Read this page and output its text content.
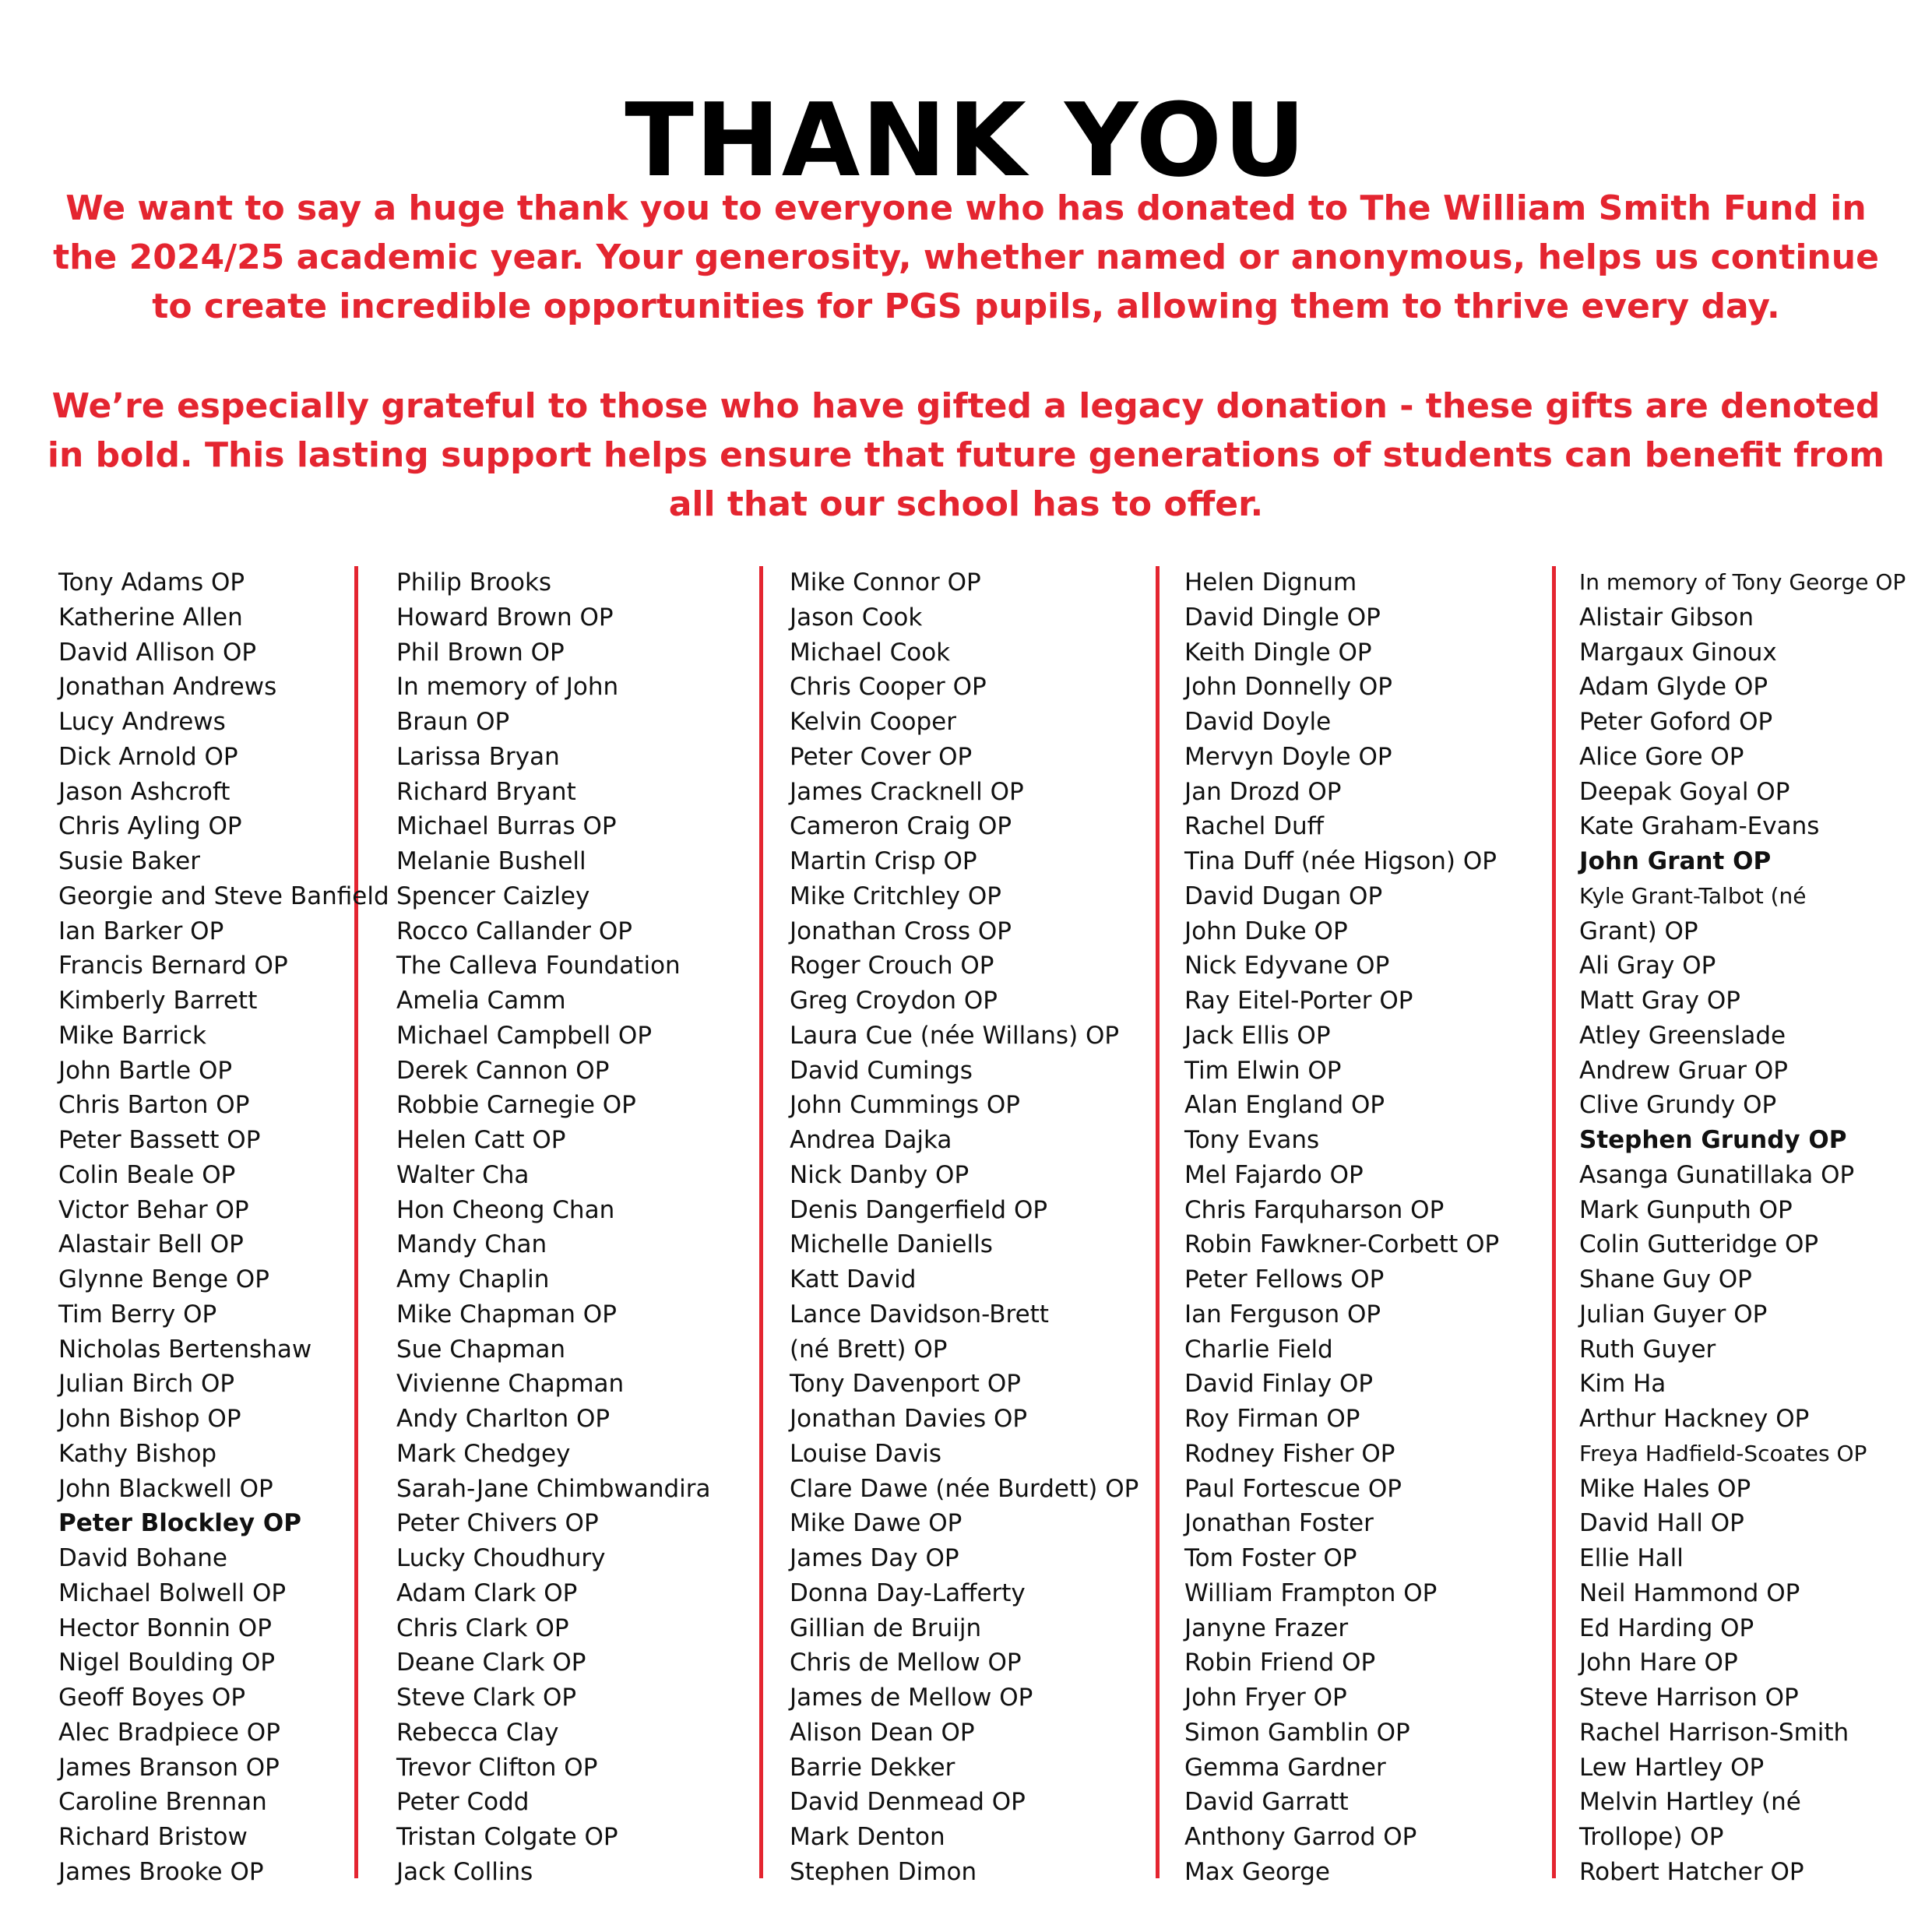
THANK YOU

We want to say a huge thank you to everyone who has donated to The William Smith Fund in the 2024/25 academic year. Your generosity, whether named or anonymous, helps us continue to create incredible opportunities for PGS pupils, allowing them to thrive every day.

We’re especially grateful to those who have gifted a legacy donation - these gifts are denoted in bold. This lasting support helps ensure that future generations of students can benefit from all that our school has to offer.

Tony Adams OP
Katherine Allen
David Allison OP
Jonathan Andrews
Lucy Andrews
Dick Arnold OP
Jason Ashcroft
Chris Ayling OP
Susie Baker
Georgie and Steve Banfield
Ian Barker OP
Francis Bernard OP
Kimberly Barrett
Mike Barrick
John Bartle OP
Chris Barton OP
Peter Bassett OP
Colin Beale OP
Victor Behar OP
Alastair Bell OP
Glynne Benge OP
Tim Berry OP
Nicholas Bertenshaw
Julian Birch OP
John Bishop OP
Kathy Bishop
John Blackwell OP
Peter Blockley OP
David Bohane
Michael Bolwell OP
Hector Bonnin OP
Nigel Boulding OP
Geoff Boyes OP
Alec Bradpiece OP
James Branson OP
Caroline Brennan
Richard Bristow
James Brooke OP
Philip Brooks
Howard Brown OP
Phil Brown OP
In memory of John
Braun OP
Larissa Bryan
Richard Bryant
Michael Burras OP
Melanie Bushell
Spencer Caizley
Rocco Callander OP
The Calleva Foundation
Amelia Camm
Michael Campbell OP
Derek Cannon OP
Robbie Carnegie OP
Helen Catt OP
Walter Cha
Hon Cheong Chan
Mandy Chan
Amy Chaplin
Mike Chapman OP
Sue Chapman
Vivienne Chapman
Andy Charlton OP
Mark Chedgey
Sarah-Jane Chimbwandira
Peter Chivers OP
Lucky Choudhury
Adam Clark OP
Chris Clark OP
Deane Clark OP
Steve Clark OP
Rebecca Clay
Trevor Clifton OP
Peter Codd
Tristan Colgate OP
Jack Collins
Mike Connor OP
Jason Cook
Michael Cook
Chris Cooper OP
Kelvin Cooper
Peter Cover OP
James Cracknell OP
Cameron Craig OP
Martin Crisp OP
Mike Critchley OP
Jonathan Cross OP
Roger Crouch OP
Greg Croydon OP
Laura Cue (née Willans) OP
David Cumings
John Cummings OP
Andrea Dajka
Nick Danby OP
Denis Dangerfield OP
Michelle Daniells
Katt David
Lance Davidson-Brett
(né Brett) OP
Tony Davenport OP
Jonathan Davies OP
Louise Davis
Clare Dawe (née Burdett) OP
Mike Dawe OP
James Day OP
Donna Day-Lafferty
Gillian de Bruijn
Chris de Mellow OP
James de Mellow OP
Alison Dean OP
Barrie Dekker
David Denmead OP
Mark Denton
Stephen Dimon
Helen Dignum
David Dingle OP
Keith Dingle OP
John Donnelly OP
David Doyle
Mervyn Doyle OP
Jan Drozd OP
Rachel Duff
Tina Duff (née Higson) OP
David Dugan OP
John Duke OP
Nick Edyvane OP
Ray Eitel-Porter OP
Jack Ellis OP
Tim Elwin OP
Alan England OP
Tony Evans
Mel Fajardo OP
Chris Farquharson OP
Robin Fawkner-Corbett OP
Peter Fellows OP
Ian Ferguson OP
Charlie Field
David Finlay OP
Roy Firman OP
Rodney Fisher OP
Paul Fortescue OP
Jonathan Foster
Tom Foster OP
William Frampton OP
Janyne Frazer
Robin Friend OP
John Fryer OP
Simon Gamblin OP
Gemma Gardner
David Garratt
Anthony Garrod OP
Max George
In memory of Tony George OP
Alistair Gibson
Margaux Ginoux
Adam Glyde OP
Peter Goford OP
Alice Gore OP
Deepak Goyal OP
Kate Graham-Evans
John Grant OP
Kyle Grant-Talbot (né
Grant) OP
Ali Gray OP
Matt Gray OP
Atley Greenslade
Andrew Gruar OP
Clive Grundy OP
Stephen Grundy OP
Asanga Gunatillaka OP
Mark Gunputh OP
Colin Gutteridge OP
Shane Guy OP
Julian Guyer OP
Ruth Guyer
Kim Ha
Arthur Hackney OP
Freya Hadfield-Scoates OP
Mike Hales OP
David Hall OP
Ellie Hall
Neil Hammond OP
Ed Harding OP
John Hare OP
Steve Harrison OP
Rachel Harrison-Smith
Lew Hartley OP
Melvin Hartley (né
Trollope) OP
Robert Hatcher OP
